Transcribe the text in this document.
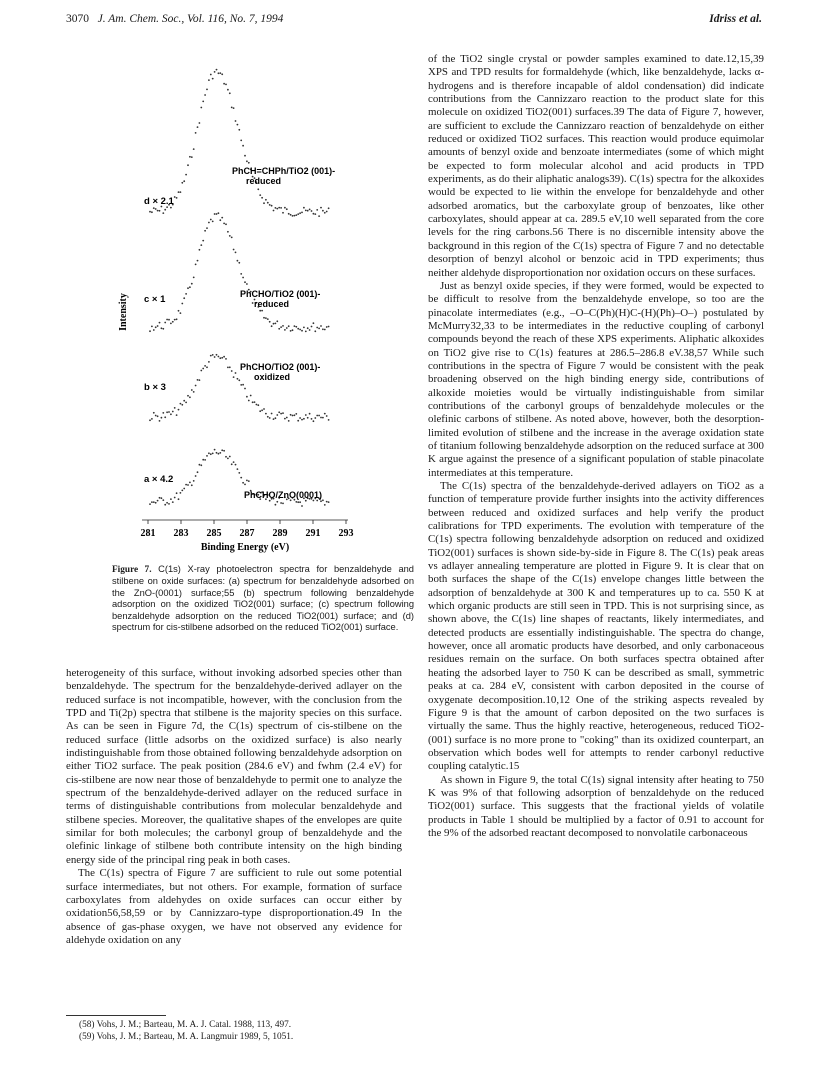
3070 J. Am. Chem. Soc., Vol. 116, No. 7, 1994	Idriss et al.
Intensity
281 283 285 287 289 291 293
d × 2.1
PhCH=CHPh/TiO2 (001)-reduced
c × 1	PhCHO/TiO2 (001)-reduced
b × 3
PhCHO/TiO2 (001)-oxidized
a × 4.2
PhCHO/ZnO(0001)
Binding Energy (eV)
Figure 7. C(1s) X-ray photoelectron spectra for benzaldehyde and stilbene on oxide surfaces: (a) spectrum for benzaldehyde adsorbed on the ZnO-(0001) surface;55 (b) spectrum following benzaldehyde adsorption on the oxidized TiO2(001) surface; (c) spectrum following benzaldehyde adsorption on the reduced TiO2(001) surface; and (d) spectrum for cis-stilbene adsorbed on the reduced TiO2(001) surface.

heterogeneity of this surface, without invoking adsorbed species other than benzaldehyde. The spectrum for the benzaldehyde-derived adlayer on the reduced surface is not incompatible, however, with the conclusion from the TPD and Ti(2p) spectra that stilbene is the majority species on this surface. As can be seen in Figure 7d, the C(1s) spectrum of cis-stilbene on the reduced surface (little adsorbs on the oxidized surface) is also nearly indistinguishable from those obtained following benzaldehyde adsorption on either TiO2 surface. The peak position (284.6 eV) and fwhm (2.4 eV) for cis-stilbene are now near those of benzaldehyde to permit one to analyze the spectrum of the benzaldehyde-derived adlayer on the reduced surface in terms of distinguishable contributions from molecular benzaldehyde and stilbene species. Moreover, the qualitative shapes of the envelopes are quite similar for both molecules; the carbonyl group of benzaldehyde and the olefinic linkage of stilbene both contribute intensity on the high binding energy side of the principal ring peak in both cases.

The C(1s) spectra of Figure 7 are sufficient to rule out some potential surface intermediates, but not others. For example, formation of surface carboxylates from aldehydes on oxide surfaces can occur either by oxidation56,58,59 or by Cannizzaro-type disproportionation.49 In the absence of gas-phase oxygen, we have not observed any evidence for aldehyde oxidation on any

(58) Vohs, J. M.; Barteau, M. A. J. Catal. 1988, 113, 497.
(59) Vohs, J. M.; Barteau, M. A. Langmuir 1989, 5, 1051.

of the TiO2 single crystal or powder samples examined to date.12,15,39 XPS and TPD results for formaldehyde (which, like benzaldehyde, lacks α-hydrogens and is therefore incapable of aldol condensation) did indicate contributions from the Cannizzaro reaction to the product slate for this molecule on oxidized TiO2(001) surfaces.39 The data of Figure 7, however, are sufficient to exclude the Cannizzaro reaction of benzaldehyde on either reduced or oxidized TiO2 surfaces. This reaction would produce equimolar amounts of benzyl oxide and benzoate intermediates (some of which might be expected to form molecular alcohol and acid products in TPD experiments, as do their aliphatic analogs39). C(1s) spectra for the alkoxides would be expected to lie within the envelope for benzaldehyde and other adsorbed aromatics, but the carboxylate group of benzoates, like other carboxylates, should appear at ca. 289.5 eV,10 well separated from the core levels for the ring carbons.56 There is no discernible intensity above the background in this region of the C(1s) spectra of Figure 7 and no detectable desorption of benzyl alcohol or benzoic acid in TPD experiments; thus neither aldehyde disproportionation nor oxidation occurs on these surfaces.

Just as benzyl oxide species, if they were formed, would be expected to be difficult to resolve from the benzaldehyde envelope, so too are the pinacolate intermediates (e.g., –O–C(Ph)(H)C-(H)(Ph)–O–) postulated by McMurry32,33 to be intermediates in the reductive coupling of carbonyl compounds beyond the reach of these XPS experiments. Aliphatic alkoxides on TiO2 give rise to C(1s) features at 286.5–286.8 eV.38,57 While such contributions in the spectra of Figure 7 would be consistent with the peak broadening observed on the high binding energy side, contributions of alkoxide moieties would be virtually indistinguishable from similar contributions of the carbonyl groups of benzaldehyde molecules or the olefinic carbons of stilbene. As noted above, however, both the desorption-limited evolution of stilbene and the increase in the average oxidation state of titanium following benzaldehyde adsorption on the reduced surface at 300 K argue against the presence of a significant population of stable pinacolate intermediates at this temperature.

The C(1s) spectra of the benzaldehyde-derived adlayers on TiO2 as a function of temperature provide further insights into the activity differences between reduced and oxidized surfaces and help verify the product calibrations for TPD experiments. The evolution with temperature of the C(1s) spectra following benzaldehyde adsorption on reduced and oxidized TiO2(001) surfaces is shown side-by-side in Figure 8. The C(1s) peak areas vs adlayer annealing temperature are plotted in Figure 9. It is clear that on both surfaces the shape of the C(1s) envelope changes little between the adsorption of benzaldehyde at 300 K and temperatures up to ca. 550 K at which organic products are still seen in TPD. This is not surprising since, as shown above, the C(1s) line shapes of reactants, likely intermediates, and detected products are essentially indistinguishable. The spectra do change, however, once all aromatic products have desorbed, and only carbonaceous residues remain on the surface. On both surfaces spectra obtained after heating the adsorbed layer to 750 K can be described as small, symmetric peaks at ca. 284 eV, consistent with carbon deposited in the course of oxygenate decomposition.10,12 One of the striking aspects revealed by Figure 9 is that the amount of carbon deposited on the two surfaces is virtually the same. Thus the highly reactive, heterogeneous, reduced TiO2-(001) surface is no more prone to "coking" than its oxidized counterpart, an observation which bodes well for attempts to render carbonyl reductive coupling catalytic.15

As shown in Figure 9, the total C(1s) signal intensity after heating to 750 K was 9% of that following adsorption of benzaldehyde on the reduced TiO2(001) surface. This suggests that the fractional yields of volatile products in Table 1 should be multiplied by a factor of 0.91 to account for the 9% of the adsorbed reactant decomposed to nonvolatile carbonaceous
